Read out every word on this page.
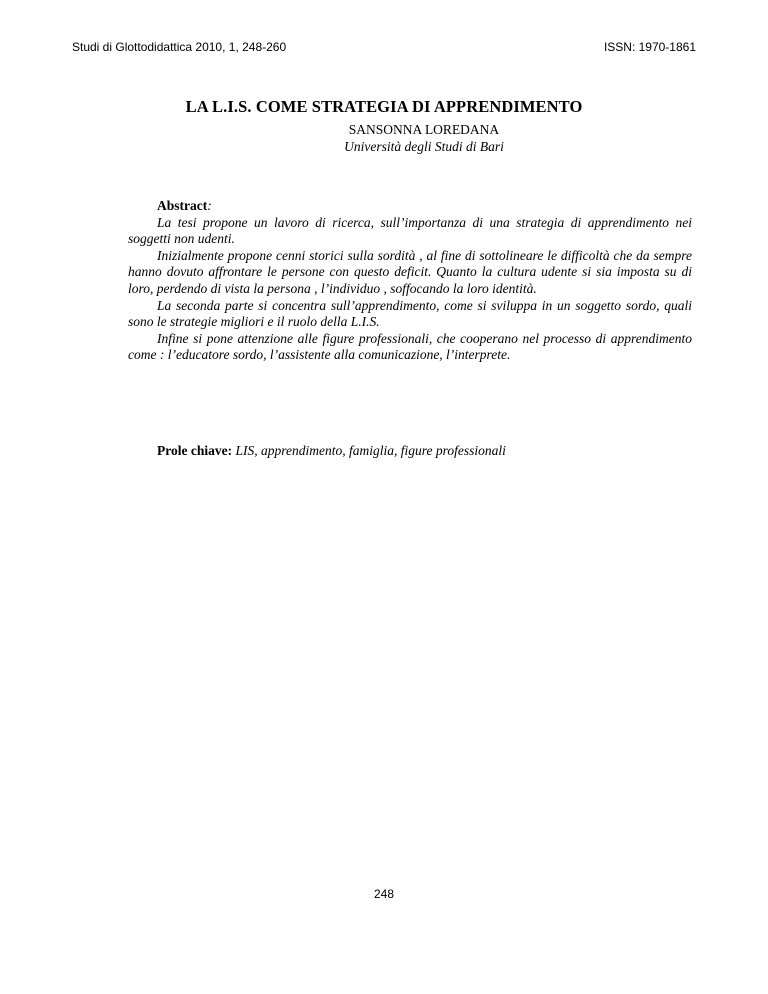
Studi di Glottodidattica 2010, 1, 248-260	ISSN: 1970-1861
LA L.I.S. COME STRATEGIA DI APPRENDIMENTO
SANSONNA LOREDANA
Università degli Studi di Bari
Abstract:

La tesi propone un lavoro di ricerca, sull’importanza di una strategia di apprendimento nei soggetti non udenti.

Inizialmente propone cenni storici sulla sordità , al fine di sottolineare le difficoltà che da sempre hanno dovuto affrontare le persone con questo deficit. Quanto la cultura udente si sia imposta su di loro, perdendo di vista la persona , l’individuo , soffocando la loro identità.

La seconda parte si concentra sull’apprendimento, come si sviluppa in un soggetto sordo, quali sono le strategie migliori e il ruolo della L.I.S.

Infine si pone attenzione alle figure professionali, che cooperano nel processo di apprendimento come : l’educatore sordo, l’assistente alla comunicazione, l’interprete.

Prole chiave: LIS, apprendimento, famiglia, figure professionali
248
